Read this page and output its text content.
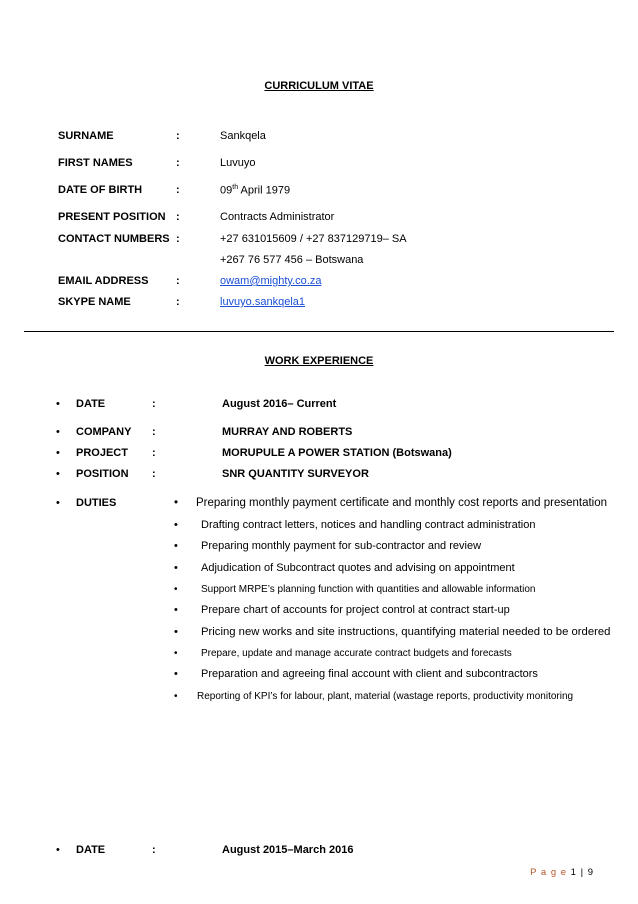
CURRICULUM VITAE
SURNAME	:	Sankqela
FIRST NAMES	:	Luvuyo
DATE OF BIRTH	:	09th April 1979
PRESENT POSITION :	Contracts Administrator
CONTACT NUMBERS :	+27 631015609 / +27 837129719– SA
+267 76 577 456 – Botswana
EMAIL ADDRESS	:	owam@mighty.co.za
SKYPE NAME	:	luvuyo.sankqela1
WORK EXPERIENCE
•	DATE	:	August 2016– Current
•	COMPANY	:	MURRAY AND ROBERTS
•	PROJECT	:	MORUPULE A POWER STATION (Botswana)
•	POSITION	:	SNR QUANTITY SURVEYOR
•	DUTIES	•	Preparing monthly payment certificate and monthly cost reports and presentation
•	Drafting contract letters, notices and handling contract administration
•	Preparing monthly payment for sub-contractor and review
•	Adjudication of Subcontract quotes and advising on appointment
•	Support MRPE’s planning function with quantities and allowable information
•	Prepare chart of accounts for project control at contract start-up
•	Pricing new works and site instructions, quantifying material needed to be ordered
•	Prepare, update and manage accurate contract budgets and forecasts
•	Preparation and agreeing final account with client and subcontractors
•	Reporting of KPI’s for labour, plant, material (wastage reports, productivity monitoring
•	DATE	:	August 2015–March 2016
P a g e 1 | 9
